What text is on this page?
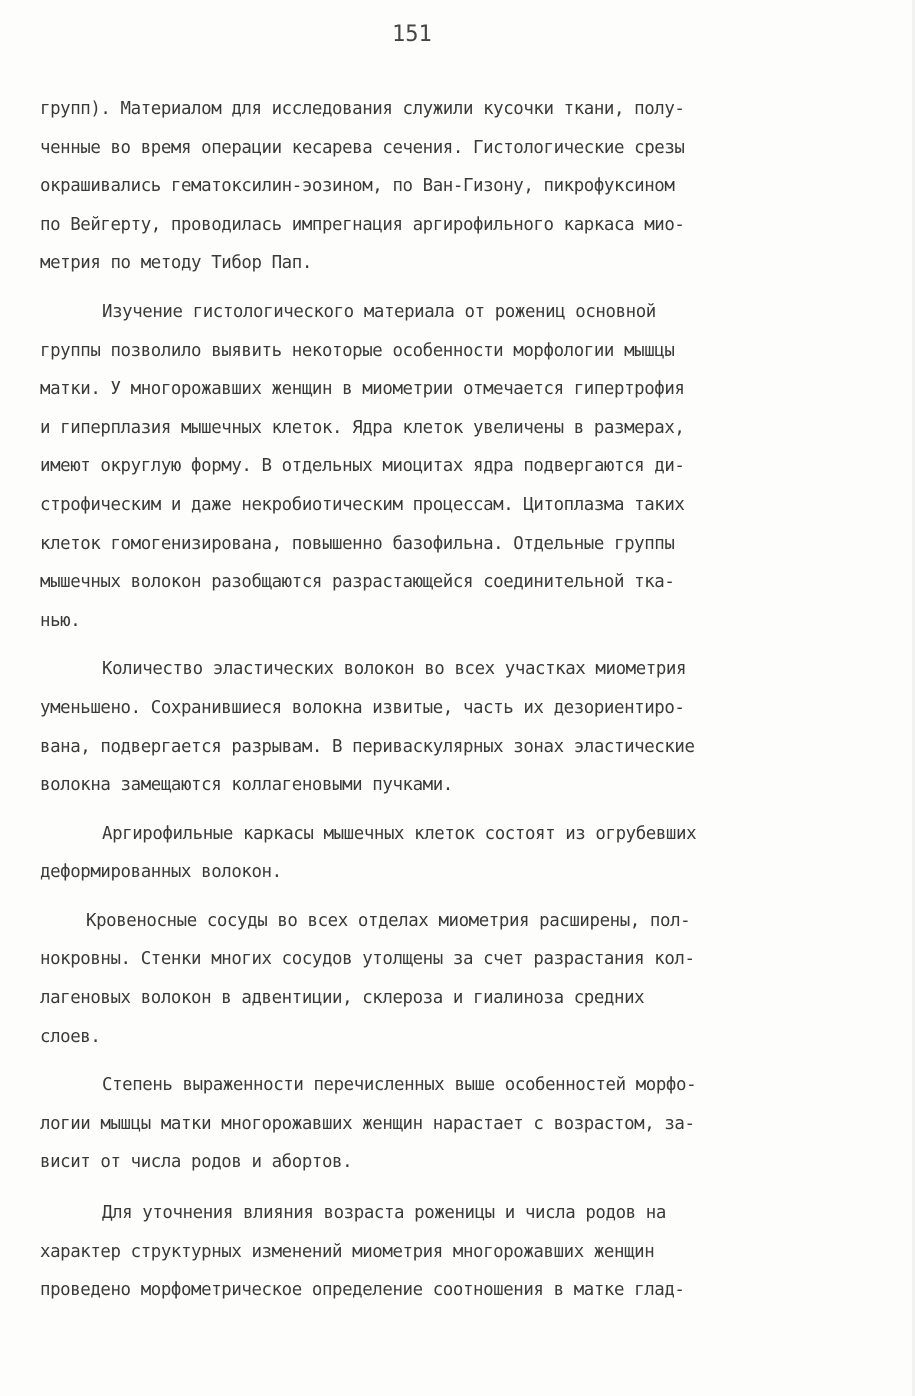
151
групп). Материалом для исследования служили кусочки ткани, полу-
ченные во время операции кесарева сечения. Гистологические срезы
окрашивались гематоксилин-эозином, по Ван-Гизону, пикрофуксином
по Вейгерту, проводилась импрегнация аргирофильного каркаса мио-
метрия по методу Тибор Пап.
Изучение гистологического материала от рожениц основной
группы позволило выявить некоторые особенности морфологии мышцы
матки. У многорожавших женщин в миометрии отмечается гипертрофия
и гиперплазия мышечных клеток. Ядра клеток увеличены в размерах,
имеют округлую форму. В отдельных миоцитах ядра подвергаются ди-
строфическим и даже некробиотическим процессам. Цитоплазма таких
клеток гомогенизирована, повышенно базофильна. Отдельные группы
мышечных волокон разобщаются разрастающейся соединительной тка-
нью.
Количество эластических волокон во всех участках миометрия
уменьшено. Сохранившиеся волокна извитые, часть их дезориентиро-
вана, подвергается разрывам. В периваскулярных зонах эластические
волокна замещаются коллагеновыми пучками.
Аргирофильные каркасы мышечных клеток состоят из огрубевших
деформированных волокон.
Кровеносные сосуды во всех отделах миометрия расширены, пол-
нокровны. Стенки многих сосудов утолщены за счет разрастания кол-
лагеновых волокон в адвентиции, склероза и гиалиноза средних
слоев.
Степень выраженности перечисленных выше особенностей морфо-
логии мышцы матки многорожавших женщин нарастает с возрастом, за-
висит от числа родов и абортов.
Для уточнения влияния возраста роженицы и числа родов на
характер структурных изменений миометрия многорожавших женщин
проведено морфометрическое определение соотношения в матке глад-
